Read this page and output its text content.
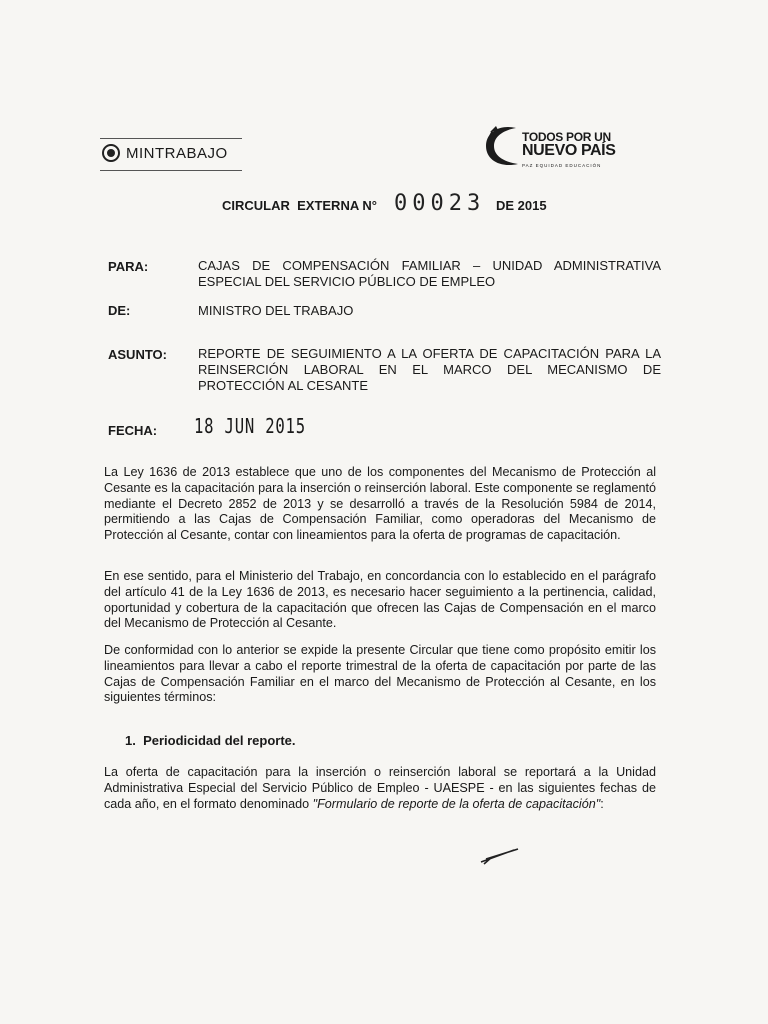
MINTRABAJO
TODOS POR UN
NUEVO PAÍS
PAZ EQUIDAD EDUCACIÓN
CIRCULAR  EXTERNA N° 00023 DE 2015
PARA:	CAJAS DE COMPENSACIÓN FAMILIAR – UNIDAD ADMINISTRATIVA ESPECIAL DEL SERVICIO PÚBLICO DE EMPLEO
DE:	MINISTRO DEL TRABAJO
ASUNTO: REPORTE DE SEGUIMIENTO A LA OFERTA DE CAPACITACIÓN PARA LA REINSERCIÓN LABORAL EN EL MARCO DEL MECANISMO DE PROTECCIÓN AL CESANTE
FECHA: 18 JUN 2015
La Ley 1636 de 2013 establece que uno de los componentes del Mecanismo de Protección al Cesante es la capacitación para la inserción o reinserción laboral. Este componente se reglamentó mediante el Decreto 2852 de 2013 y se desarrolló a través de la Resolución 5984 de 2014, permitiendo a las Cajas de Compensación Familiar, como operadoras del Mecanismo de Protección al Cesante, contar con lineamientos para la oferta de programas de capacitación.
En ese sentido, para el Ministerio del Trabajo, en concordancia con lo establecido en el parágrafo del artículo 41 de la Ley 1636 de 2013, es necesario hacer seguimiento a la pertinencia, calidad, oportunidad y cobertura de la capacitación que ofrecen las Cajas de Compensación en el marco del Mecanismo de Protección al Cesante.
De conformidad con lo anterior se expide la presente Circular que tiene como propósito emitir los lineamientos para llevar a cabo el reporte trimestral de la oferta de capacitación por parte de las Cajas de Compensación Familiar en el marco del Mecanismo de Protección al Cesante, en los siguientes términos:
1.  Periodicidad del reporte.
La oferta de capacitación para la inserción o reinserción laboral se reportará a la Unidad Administrativa Especial del Servicio Público de Empleo - UAESPE - en las siguientes fechas de cada año, en el formato denominado "Formulario de reporte de la oferta de capacitación":
